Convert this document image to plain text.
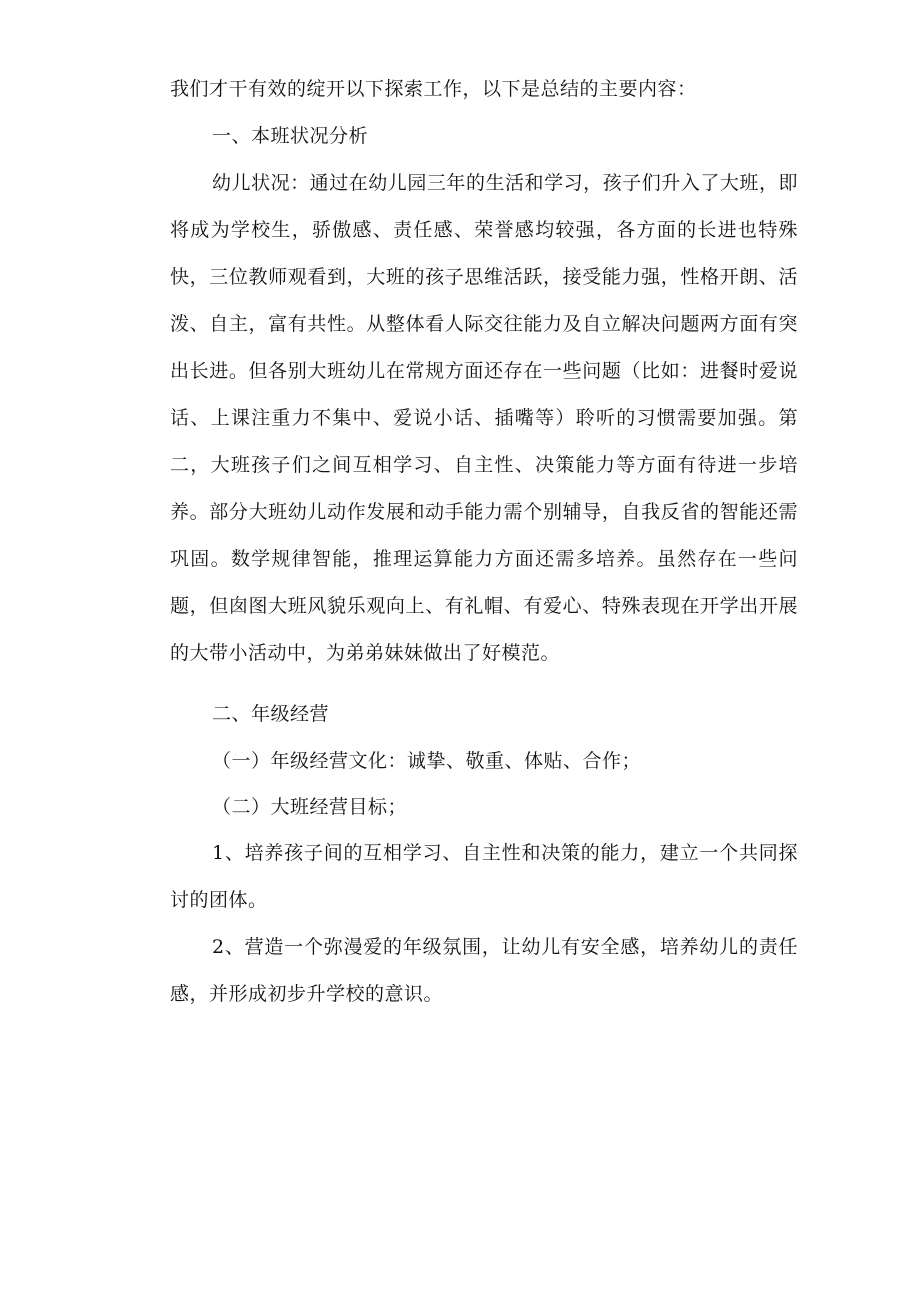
我们才干有效的绽开以下探索工作，以下是总结的主要内容：

一、本班状况分析

幼儿状况：通过在幼儿园三年的生活和学习，孩子们升入了大班，即将成为学校生，骄傲感、责任感、荣誉感均较强，各方面的长进也特殊快，三位教师观看到，大班的孩子思维活跃，接受能力强，性格开朗、活泼、自主，富有共性。从整体看人际交往能力及自立解决问题两方面有突出长进。但各别大班幼儿在常规方面还存在一些问题（比如：进餐时爱说话、上课注重力不集中、爱说小话、插嘴等）聆听的习惯需要加强。第二，大班孩子们之间互相学习、自主性、决策能力等方面有待进一步培养。部分大班幼儿动作发展和动手能力需个别辅导，自我反省的智能还需巩固。数学规律智能，推理运算能力方面还需多培养。虽然存在一些问题，但囱图大班风貌乐观向上、有礼帽、有爱心、特殊表现在开学出开展的大带小活动中，为弟弟妹妹做出了好模范。

二、年级经营

（一）年级经营文化：诚挚、敬重、体贴、合作；

（二）大班经营目标；

1、培养孩子间的互相学习、自主性和决策的能力，建立一个共同探讨的团体。

2、营造一个弥漫爱的年级氛围，让幼儿有安全感，培养幼儿的责任感，并形成初步升学校的意识。
